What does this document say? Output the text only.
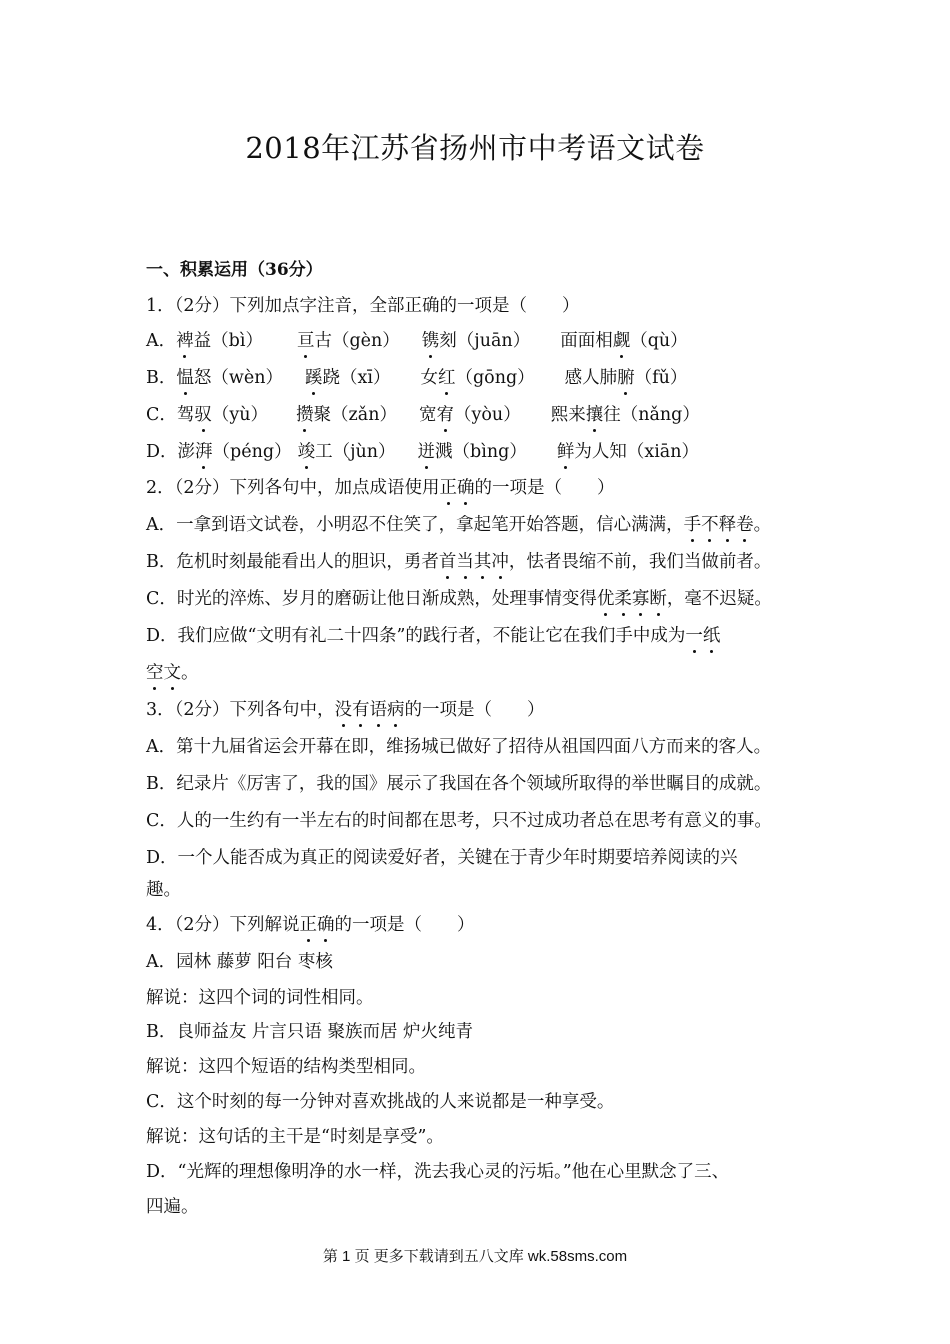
2018年江苏省扬州市中考语文试卷
一、积累运用（36分）
1．（2分）下列加点字注音，全部正确的一项是（　　）
A．裨益（bì） 亘古（gèn） 镌刻（juān） 面面相觑（qù）
B．愠怒（wèn） 蹊跷（xī） 女红（gōng） 感人肺腑（fǔ）
C．驾驭（yù） 攒聚（zǎn） 宽宥（yòu） 熙来攘往（nǎng）
D．澎湃（péng） 竣工（jùn） 迸溅（bìng） 鲜为人知（xiān）
2．（2分）下列各句中，加点成语使用正确的一项是（　　）
A．一拿到语文试卷，小明忍不住笑了，拿起笔开始答题，信心满满，手不释卷。
B．危机时刻最能看出人的胆识，勇者首当其冲，怯者畏缩不前，我们当做前者。
C．时光的淬炼、岁月的磨砺让他日渐成熟，处理事情变得优柔寡断，毫不迟疑。
D．我们应做“文明有礼二十四条”的践行者，不能让它在我们手中成为一纸
空文。
3．（2分）下列各句中，没有语病的一项是（　　）
A．第十九届省运会开幕在即，维扬城已做好了招待从祖国四面八方而来的客人。
B．纪录片《厉害了，我的国》展示了我国在各个领域所取得的举世瞩目的成就。
C．人的一生约有一半左右的时间都在思考，只不过成功者总在思考有意义的事。
D．一个人能否成为真正的阅读爱好者，关键在于青少年时期要培养阅读的兴
趣。
4．（2分）下列解说正确的一项是（　　）
A．园林 藤萝 阳台 枣核
解说：这四个词的词性相同。
B．良师益友 片言只语 聚族而居 炉火纯青
解说：这四个短语的结构类型相同。
C．这个时刻的每一分钟对喜欢挑战的人来说都是一种享受。
解说：这句话的主干是“时刻是享受”。
D．“光辉的理想像明净的水一样，洗去我心灵的污垢。”他在心里默念了三、
四遍。
第 1 页 更多下载请到五八文库 wk.58sms.com
